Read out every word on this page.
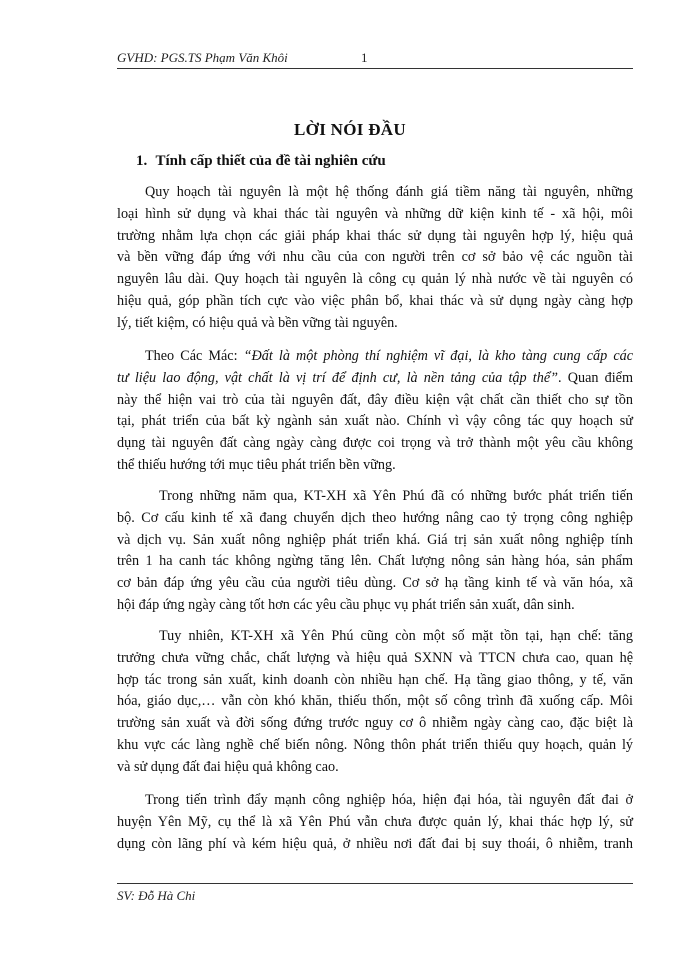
GVHD: PGS.TS Phạm Văn Khôi	1
LỜI NÓI ĐẦU
1. Tính cấp thiết của đề tài nghiên cứu
Quy hoạch tài nguyên là một hệ thống đánh giá tiềm năng tài nguyên, những
loại hình sử dụng và khai thác tài nguyên và những dữ kiện kinh tế - xã hội, môi
trường nhằm lựa chọn các giải pháp khai thác sử dụng tài nguyên hợp lý, hiệu quả
và bền vững đáp ứng với nhu cầu của con người trên cơ sở bảo vệ các nguồn tài
nguyên lâu dài. Quy hoạch tài nguyên là công cụ quản lý nhà nước về tài nguyên có
hiệu quả, góp phần tích cực vào việc phân bổ, khai thác và sử dụng ngày càng hợp
lý, tiết kiệm, có hiệu quả và bền vững tài nguyên.
Theo Các Mác: “Đất là một phòng thí nghiệm vĩ đại, là kho tàng cung cấp các
tư liệu lao động, vật chất là vị trí để định cư, là nền tảng của tập thể”. Quan điểm
này thể hiện vai trò của tài nguyên đất, đây điều kiện vật chất cần thiết cho sự tồn
tại, phát triển của bất kỳ ngành sản xuất nào. Chính vì vậy công tác quy hoạch sử
dụng tài nguyên đất càng ngày càng được coi trọng và trở thành một yêu cầu không
thể thiếu hướng tới mục tiêu phát triển bền vững.
Trong những năm qua, KT-XH xã Yên Phú đã có những bước phát triển tiến
bộ. Cơ cấu kinh tế xã đang chuyển dịch theo hướng nâng cao tỷ trọng công nghiệp
và dịch vụ. Sản xuất nông nghiệp phát triển khá. Giá trị sản xuất nông nghiệp tính
trên 1 ha canh tác không ngừng tăng lên. Chất lượng nông sản hàng hóa, sản phẩm
cơ bản đáp ứng yêu cầu của người tiêu dùng. Cơ sở hạ tầng kinh tế và văn hóa, xã
hội đáp ứng ngày càng tốt hơn các yêu cầu phục vụ phát triển sản xuất, dân sinh.
Tuy nhiên, KT-XH xã Yên Phú cũng còn một số mặt tồn tại, hạn chế: tăng
trưởng chưa vững chắc, chất lượng và hiệu quả SXNN và TTCN chưa cao, quan hệ
hợp tác trong sản xuất, kinh doanh còn nhiều hạn chế. Hạ tầng giao thông, y tế, văn
hóa, giáo dục,… vẫn còn khó khăn, thiếu thốn, một số công trình đã xuống cấp. Môi
trường sản xuất và đời sống đứng trước nguy cơ ô nhiễm ngày càng cao, đặc biệt là
khu vực các làng nghề chế biến nông. Nông thôn phát triển thiếu quy hoạch, quản lý
và sử dụng đất đai hiệu quả không cao.
Trong tiến trình đẩy mạnh công nghiệp hóa, hiện đại hóa, tài nguyên đất đai ở
huyện Yên Mỹ, cụ thể là xã Yên Phú vẫn chưa được quản lý, khai thác hợp lý, sử
dụng còn lãng phí và kém hiệu quả, ở nhiều nơi đất đai bị suy thoái, ô nhiễm, tranh
SV: Đỗ Hà Chi
